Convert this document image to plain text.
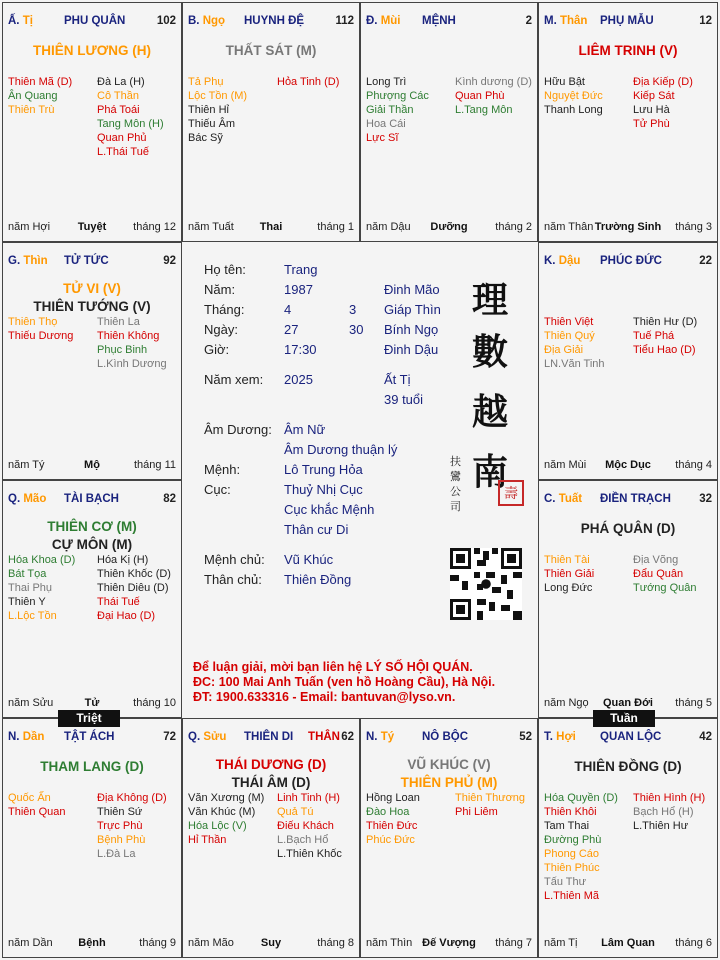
Ấ. Tị	PHU QUÂN	102
THIÊN LƯƠNG (H)
Thiên Mã (D)
Ân Quang
Thiên Trù
Đà La (H)
Cô Thần
Phá Toái
Tang Môn (H)
Quan Phủ
L.Thái Tuế
năm Hợi	Tuyệt	tháng 12
B. Ngọ HUYNH ĐỆ	112
THẤT SÁT (M)
Tả Phụ
Lộc Tồn (M)
Thiên Hỉ
Thiếu Âm
Bác Sỹ
Hỏa Tinh (D)
năm Tuất	Thai	tháng 1
Đ. Mùi MỆNH	2
Long Trì
Phượng Các
Giải Thần
Hoa Cái
Lực Sĩ
Kình dương (D)
Quan Phù
L.Tang Môn
năm Dậu	Dưỡng	tháng 2
M. Thân PHỤ MẪU	12
LIÊM TRINH (V)
Hữu Bật
Nguyệt Đức
Thanh Long
Địa Kiếp (D)
Kiếp Sát
Lưu Hà
Tử Phù
năm Thân Trường Sinh	tháng 3
K. Dậu PHÚC ĐỨC	22
Thiên Việt
Thiên Quý
Địa Giải
LN.Văn Tinh
Thiên Hư (D)
Tuế Phá
Tiểu Hao (D)
năm Mùi	Mộc Dục	tháng 4
C. Tuất ĐIỀN TRẠCH 32
PHÁ QUÂN (D)
Thiên Tài
Thiên Giải
Long Đức
Địa Võng
Đẩu Quân
Tướng Quân
năm Ngọ	Quan Đới	tháng 5
T. Hợi QUAN LỘC	42
THIÊN ĐỒNG (D)
Hóa Quyền (D)
Thiên Khôi
Tam Thai
Đường Phù
Phong Cáo
Thiên Phúc
Tấu Thư
L.Thiên Mã
Thiên Hình (H)
Bạch Hổ (H)
L.Thiên Hư
năm Tị	Lâm Quan	tháng 6
N. Tý NÔ BỘC	52
VŨ KHÚC (V)
THIÊN PHỦ (M)
Hồng Loan
Đào Hoa
Thiên Đức
Phúc Đức
Thiên Thương
Phi Liêm
năm Thìn Đế Vượng	tháng 7
Q. Sửu THIÊN DI THÂN 62
THÁI DƯƠNG (D)
THÁI ÂM (D)
Văn Xương (M)
Văn Khúc (M)
Hóa Lộc (V)
Hỉ Thần
Linh Tinh (H)
Quả Tú
Điếu Khách
L.Bạch Hổ
L.Thiên Khốc
năm Mão	Suy	tháng 8
N. Dần TẬT ÁCH	72
THAM LANG (D)
Quốc Ấn
Thiên Quan
Địa Không (D)
Thiên Sứ
Trực Phù
Bệnh Phù
L.Đà La
năm Dần	Bệnh	tháng 9
Q. Mão TÀI BẠCH	82
THIÊN CƠ (M)
CỰ MÔN (M)
Hóa Khoa (D)
Bát Tọa
Thai Phụ
Thiên Y
L.Lộc Tồn
Hóa Kị (H)
Thiên Khốc (D)
Thiên Diêu (D)
Thái Tuế
Đại Hao (D)
năm Sửu	Tử	tháng 10
G. Thìn TỬ TỨC	92
TỬ VI (V)
THIÊN TƯỚNG (V)
Thiên Thọ
Thiếu Dương
Thiên La
Thiên Không
Phục Binh
L.Kình Dương
năm Tý	Mộ	tháng 11
Họ tên:	Trang
Năm:	1987	Đinh Mão
Tháng:	4	3 Giáp Thìn
Ngày:	27	30 Bính Ngọ
Giờ:	17:30	Đinh Dậu
Năm xem: 2025	Ất Tị
39 tuổi
Âm Dương: Âm Nữ
Âm Dương thuận lý
Mệnh:	Lô Trung Hỏa
Cục:	Thuỷ Nhị Cục
Cục khắc Mệnh
Thân cư Di
Mệnh chủ: Vũ Khúc
Thân chủ: Thiên Đồng
理
數
越
南
扶鸞公司
壽
Để luận giải, mời bạn liên hệ LÝ SỐ HỘI QUÁN.
ĐC: 100 Mai Anh Tuấn (ven hồ Hoàng Cầu), Hà Nội.
ĐT: 1900.633316 - Email: bantuvan@lyso.vn.
Triệt	Tuần
